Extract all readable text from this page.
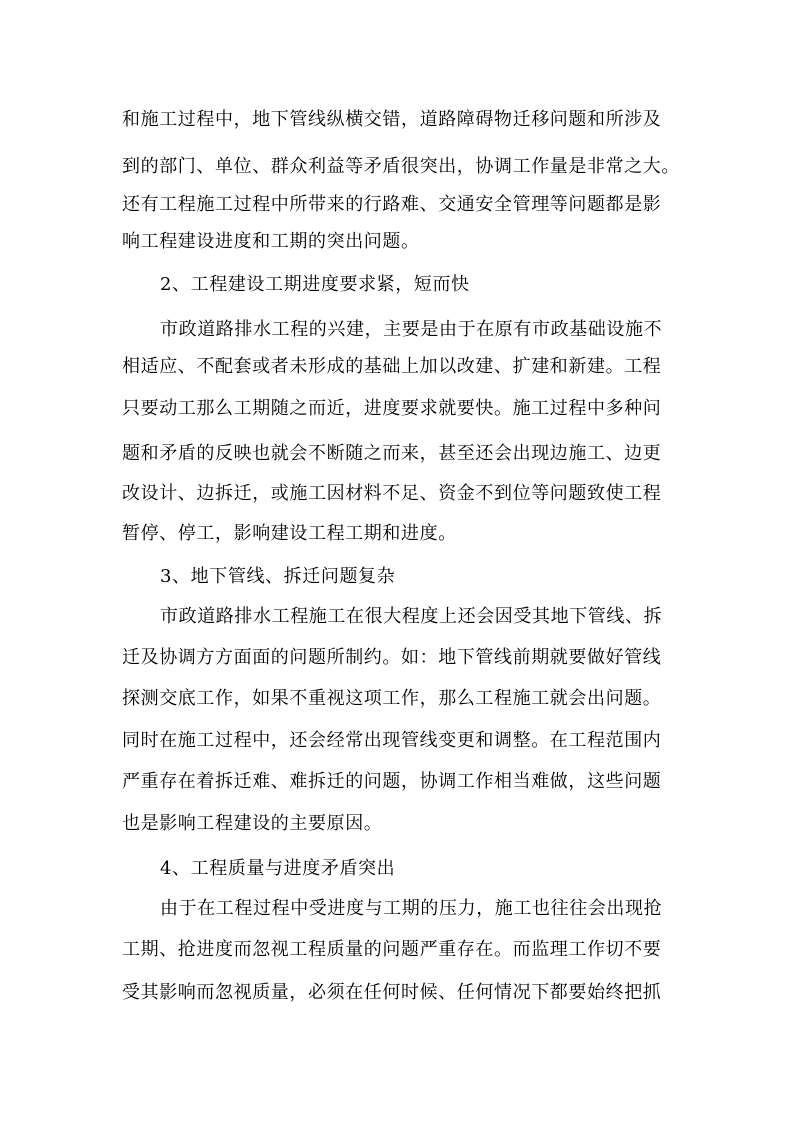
和施工过程中，地下管线纵横交错，道路障碍物迁移问题和所涉及
到的部门、单位、群众利益等矛盾很突出，协调工作量是非常之大。
还有工程施工过程中所带来的行路难、交通安全管理等问题都是影
响工程建设进度和工期的突出问题。
2、工程建设工期进度要求紧，短而快
市政道路排水工程的兴建，主要是由于在原有市政基础设施不
相适应、不配套或者未形成的基础上加以改建、扩建和新建。工程
只要动工那么工期随之而近，进度要求就要快。施工过程中多种问
题和矛盾的反映也就会不断随之而来，甚至还会出现边施工、边更
改设计、边拆迁，或施工因材料不足、资金不到位等问题致使工程
暂停、停工，影响建设工程工期和进度。
3、地下管线、拆迁问题复杂
市政道路排水工程施工在很大程度上还会因受其地下管线、拆
迁及协调方方面面的问题所制约。如：地下管线前期就要做好管线
探测交底工作，如果不重视这项工作，那么工程施工就会出问题。
同时在施工过程中，还会经常出现管线变更和调整。在工程范围内
严重存在着拆迁难、难拆迁的问题，协调工作相当难做，这些问题
也是影响工程建设的主要原因。
4、工程质量与进度矛盾突出
由于在工程过程中受进度与工期的压力，施工也往往会出现抢
工期、抢进度而忽视工程质量的问题严重存在。而监理工作切不要
受其影响而忽视质量，必须在任何时候、任何情况下都要始终把抓
